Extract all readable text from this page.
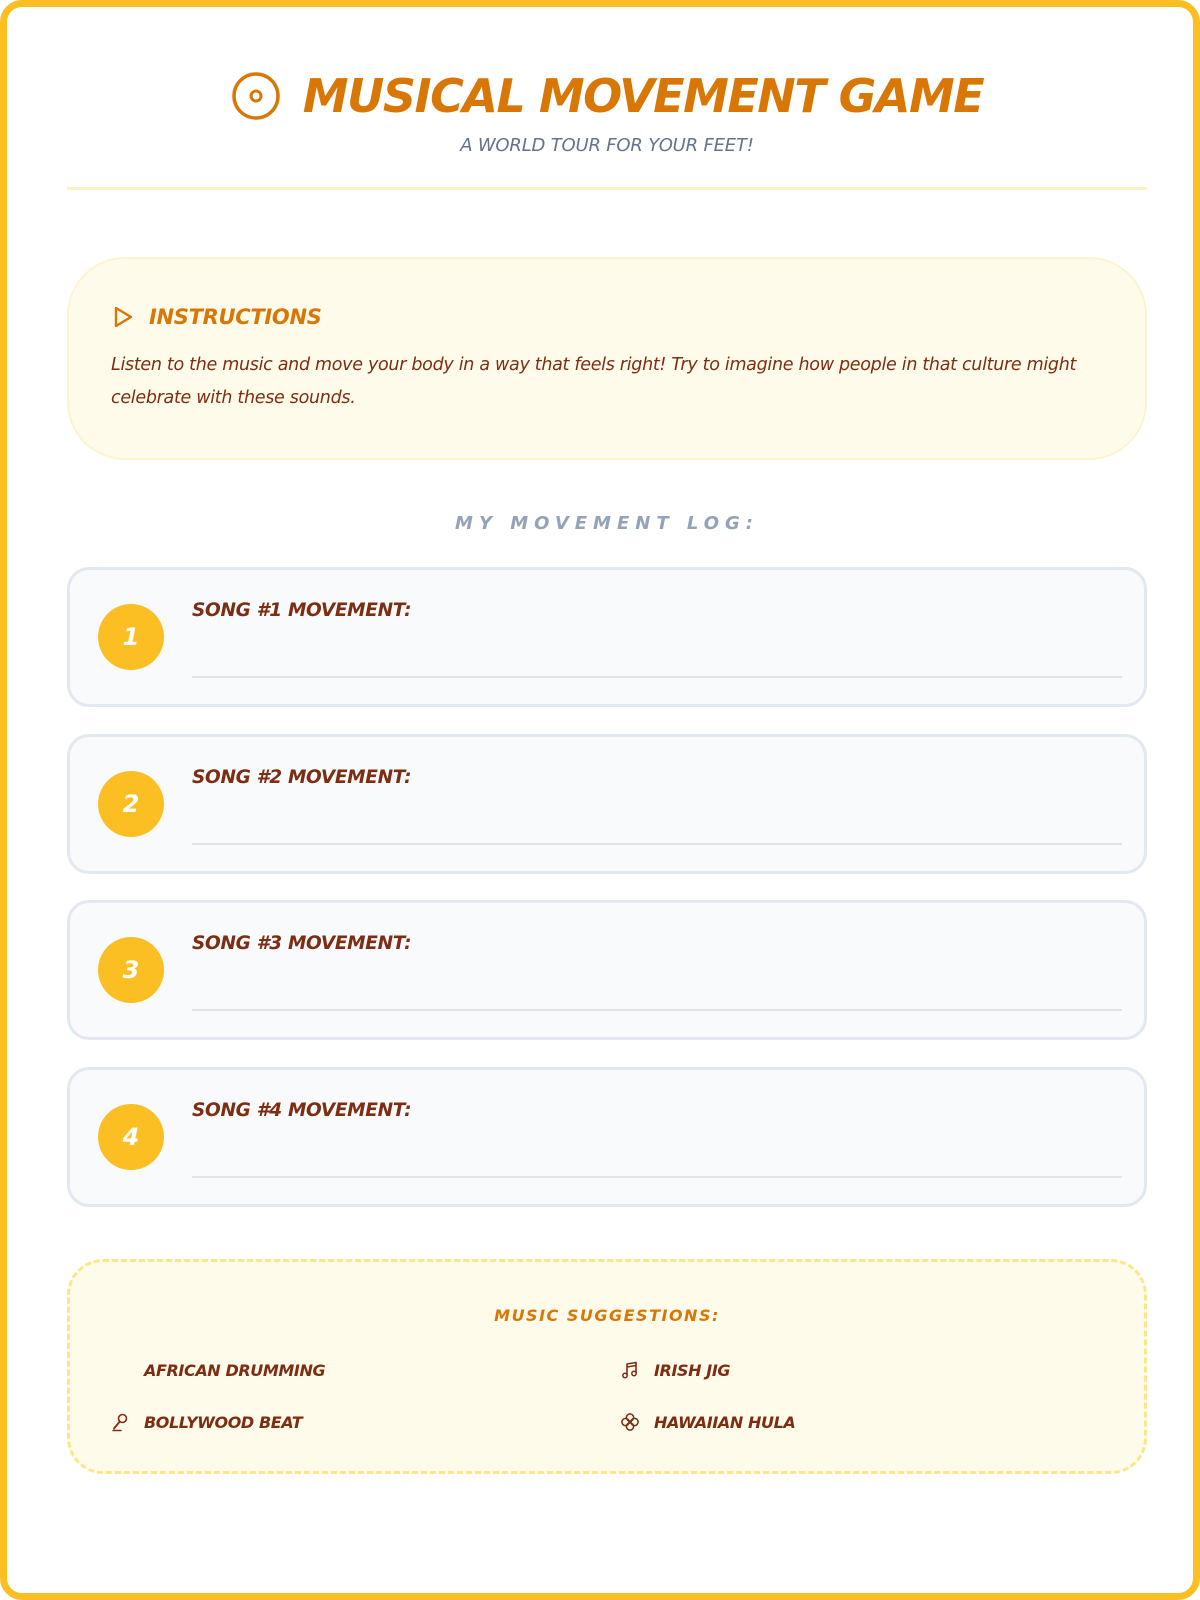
MUSICAL MOVEMENT GAME
A WORLD TOUR FOR YOUR FEET!
INSTRUCTIONS

Listen to the music and move your body in a way that feels right! Try to imagine how people in that culture might celebrate with these sounds.

MY MOVEMENT LOG:
1
SONG #1 MOVEMENT:
2
SONG #2 MOVEMENT:
3
SONG #3 MOVEMENT:
4
SONG #4 MOVEMENT:
MUSIC SUGGESTIONS:
AFRICAN DRUMMING	IRISH JIG
BOLLYWOOD BEAT	HAWAIIAN HULA
